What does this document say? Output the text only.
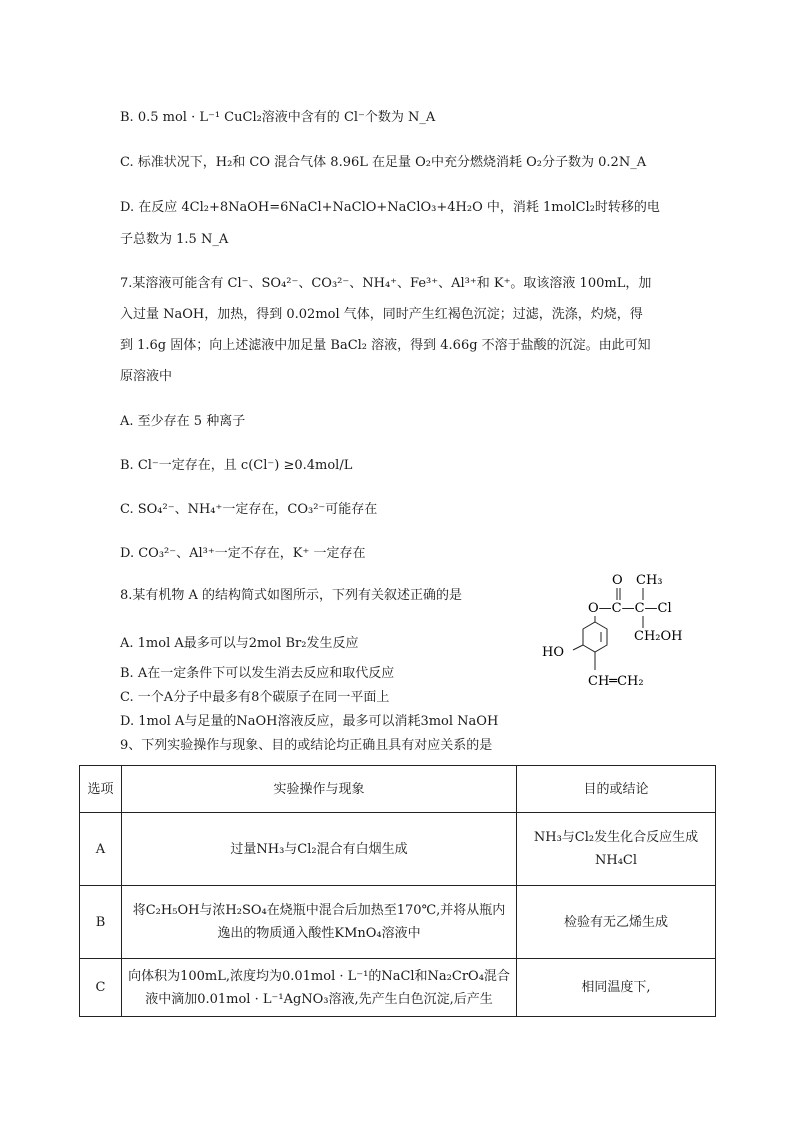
B. 0.5 mol · L⁻¹ CuCl₂溶液中含有的 Cl⁻个数为 N_A
C. 标准状况下，H₂和 CO 混合气体 8.96L 在足量 O₂中充分燃烧消耗 O₂分子数为 0.2N_A
D. 在反应 4Cl₂+8NaOH=6NaCl+NaClO+NaClO₃+4H₂O 中，消耗 1molCl₂时转移的电
子总数为 1.5 N_A
7.某溶液可能含有 Cl⁻、SO₄²⁻、CO₃²⁻、NH₄⁺、Fe³⁺、Al³⁺和 K⁺。取该溶液 100mL，加
入过量 NaOH，加热，得到 0.02mol 气体，同时产生红褐色沉淀；过滤，洗涤，灼烧，得
到 1.6g 固体；向上述滤液中加足量 BaCl₂ 溶液，得到 4.66g 不溶于盐酸的沉淀。由此可知
原溶液中
A. 至少存在 5 种离子
B. Cl⁻一定存在，且 c(Cl⁻) ≥0.4mol/L
C. SO₄²⁻、NH₄⁺一定存在，CO₃²⁻可能存在
D. CO₃²⁻、Al³⁺一定不存在，K⁺ 一定存在
8.某有机物 A 的结构简式如图所示，下列有关叙述正确的是
A. 1mol A最多可以与2mol Br₂发生反应
B. A在一定条件下可以发生消去反应和取代反应
C. 一个A分子中最多有8个碳原子在同一平面上
D. 1mol A与足量的NaOH溶液反应，最多可以消耗3mol NaOH
O CH₃
O—C—C—Cl
CH₂OH
HO
CH═CH₂
9、下列实验操作与现象、目的或结论均正确且具有对应关系的是
选项	实验操作与现象	目的或结论
A	过量NH₃与Cl₂混合有白烟生成	NH₃与Cl₂发生化合反应生成NH₄Cl
B	将C₂H₅OH与浓H₂SO₄在烧瓶中混合后加热至170℃,并将从瓶内逸出的物质通入酸性KMnO₄溶液中	检验有无乙烯生成
C	向体积为100mL,浓度均为0.01mol · L⁻¹的NaCl和Na₂CrO₄混合液中滴加0.01mol · L⁻¹AgNO₃溶液,先产生白色沉淀,后产生	相同温度下,
